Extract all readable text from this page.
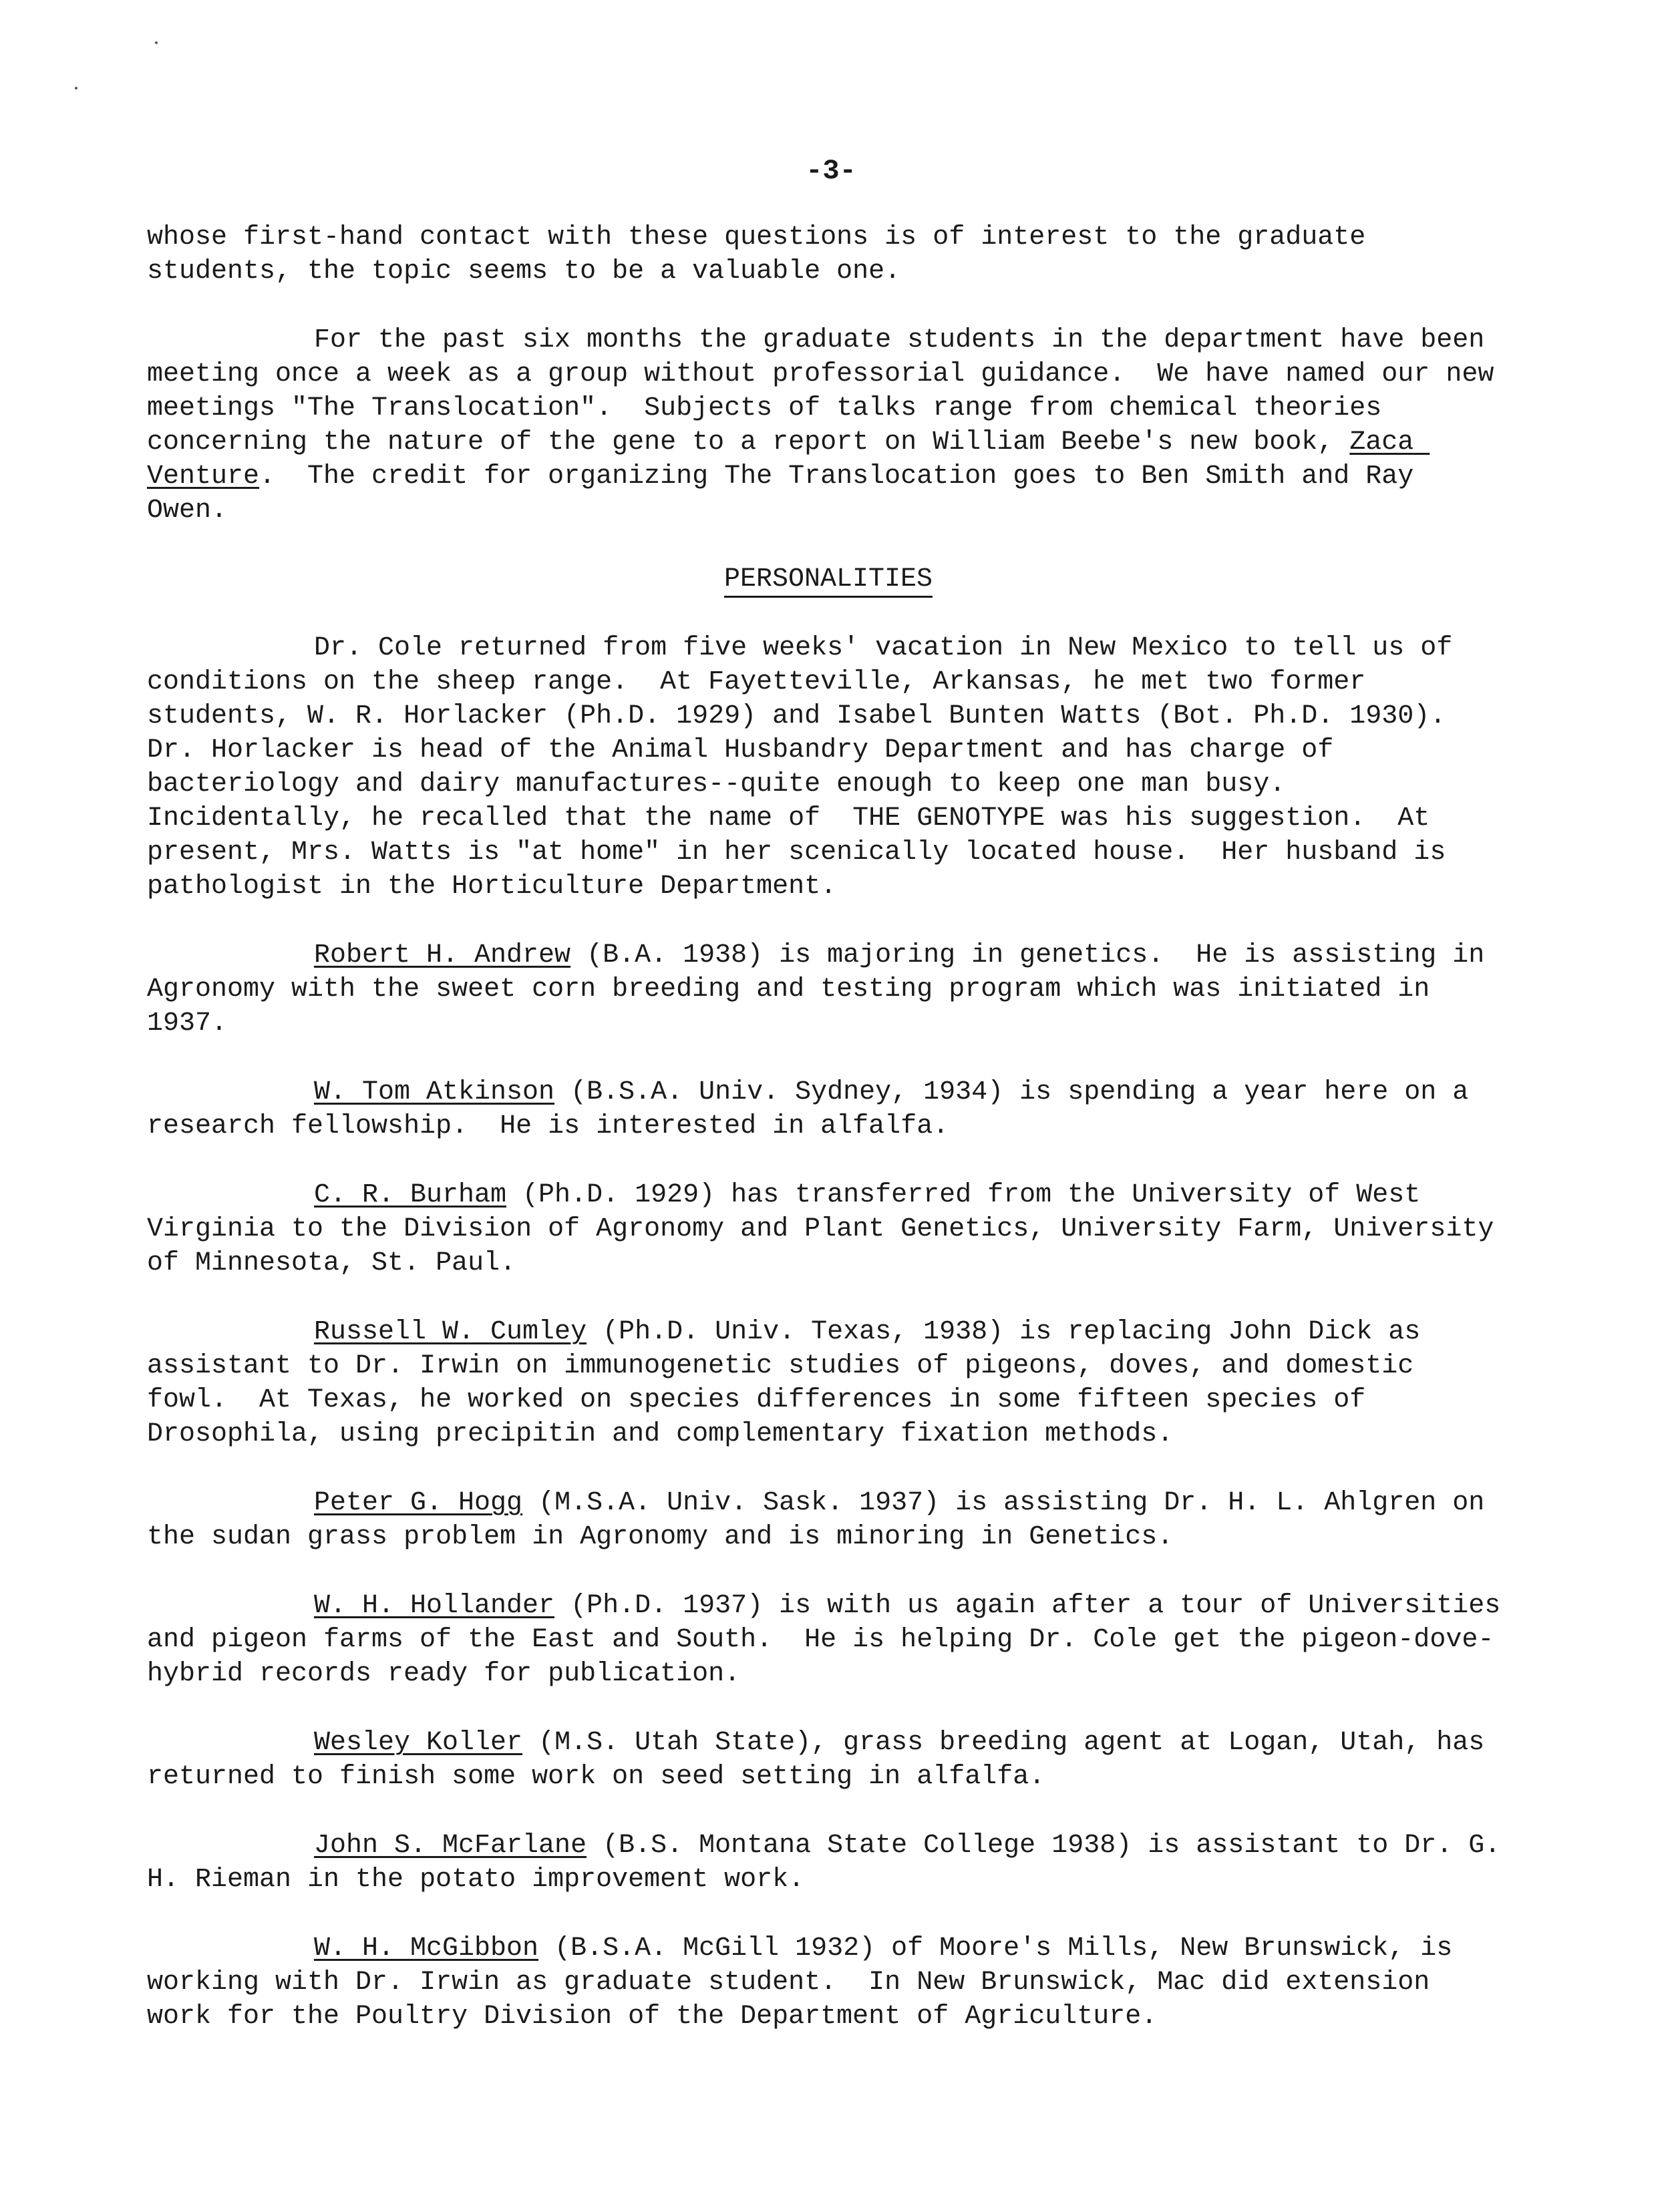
-3-

whose first-hand contact with these questions is of interest to the graduate students, the topic seems to be a valuable one.

For the past six months the graduate students in the department have been meeting once a week as a group without professorial guidance.  We have named our new meetings "The Translocation".  Subjects of talks range from chemical theories concerning the nature of the gene to a report on William Beebe's new book, Zaca Venture.  The credit for organizing The Translocation goes to Ben Smith and Ray Owen.

PERSONALITIES

Dr. Cole returned from five weeks' vacation in New Mexico to tell us of conditions on the sheep range.  At Fayetteville, Arkansas, he met two former students, W. R. Horlacker (Ph.D. 1929) and Isabel Bunten Watts (Bot. Ph.D. 1930).  Dr. Horlacker is head of the Animal Husbandry Department and has charge of bacteriology and dairy manufactures--quite enough to keep one man busy.  Incidentally, he recalled that the name of  THE GENOTYPE was his suggestion.  At present, Mrs. Watts is "at home" in her scenically located house.  Her husband is pathologist in the Horticulture Department.

Robert H. Andrew (B.A. 1938) is majoring in genetics.  He is assisting in Agronomy with the sweet corn breeding and testing program which was initiated in 1937.

W. Tom Atkinson (B.S.A. Univ. Sydney, 1934) is spending a year here on a research fellowship.  He is interested in alfalfa.

C. R. Burham (Ph.D. 1929) has transferred from the University of West Virginia to the Division of Agronomy and Plant Genetics, University Farm, University of Minnesota, St. Paul.

Russell W. Cumley (Ph.D. Univ. Texas, 1938) is replacing John Dick as assistant to Dr. Irwin on immunogenetic studies of pigeons, doves, and domestic fowl.  At Texas, he worked on species differences in some fifteen species of Drosophila, using precipitin and complementary fixation methods.

Peter G. Hogg (M.S.A. Univ. Sask. 1937) is assisting Dr. H. L. Ahlgren on the sudan grass problem in Agronomy and is minoring in Genetics.

W. H. Hollander (Ph.D. 1937) is with us again after a tour of Universities and pigeon farms of the East and South.  He is helping Dr. Cole get the pigeon-dove-hybrid records ready for publication.

Wesley Koller (M.S. Utah State), grass breeding agent at Logan, Utah, has returned to finish some work on seed setting in alfalfa.

John S. McFarlane (B.S. Montana State College 1938) is assistant to Dr. G. H. Rieman in the potato improvement work.

W. H. McGibbon (B.S.A. McGill 1932) of Moore's Mills, New Brunswick, is working with Dr. Irwin as graduate student.  In New Brunswick, Mac did extension work for the Poultry Division of the Department of Agriculture.
